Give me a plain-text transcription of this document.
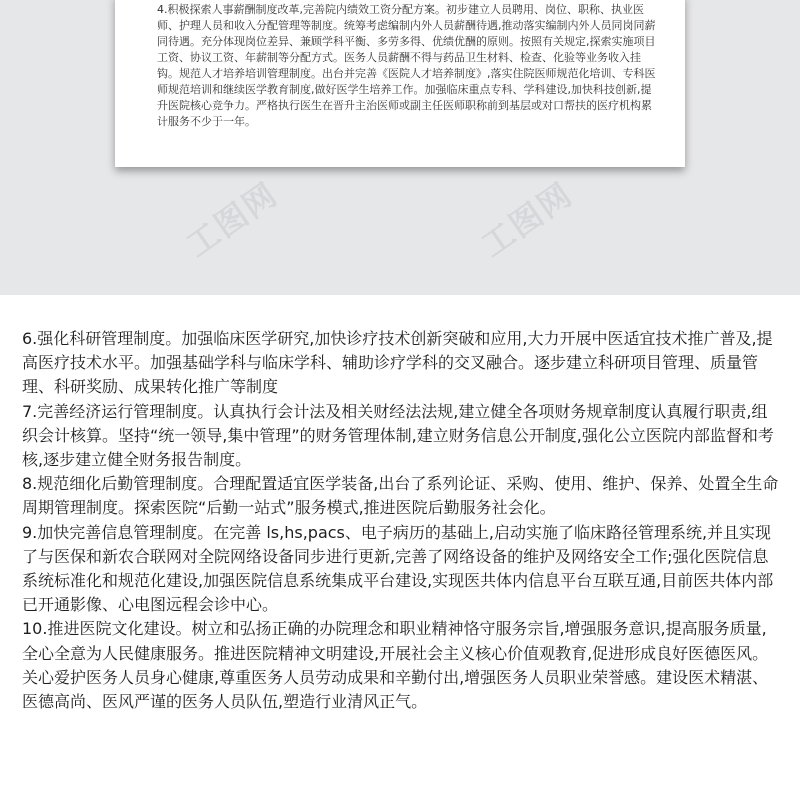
4.积极探索人事薪酬制度改革,完善院内绩效工资分配方案。初步建立人员聘用、岗位、职称、执业医师、护理人员和收入分配管理等制度。统筹考虑编制内外人员薪酬待遇,推动落实编制内外人员同岗同薪同待遇。充分体现岗位差异、兼顾学科平衡、多劳多得、优绩优酬的原则。按照有关规定,探索实施项目工资、协议工资、年薪制等分配方式。医务人员薪酬不得与药品卫生材料、检查、化验等业务收入挂钩。规范人才培养培训管理制度。出台并完善《医院人才培养制度》,落实住院医师规范化培训、专科医师规范培训和继续医学教育制度,做好医学生培养工作。加强临床重点专科、学科建设,加快科技创新,提升医院核心竞争力。严格执行医生在晋升主治医师或副主任医师职称前到基层或对口帮扶的医疗机构累计服务不少于一年。

工图网	工图网

6.强化科研管理制度。加强临床医学研究,加快诊疗技术创新突破和应用,大力开展中医适宜技术推广普及,提高医疗技术水平。加强基础学科与临床学科、辅助诊疗学科的交叉融合。逐步建立科研项目管理、质量管理、科研奖励、成果转化推广等制度

7.完善经济运行管理制度。认真执行会计法及相关财经法法规,建立健全各项财务规章制度认真履行职责,组织会计核算。坚持“统一领导,集中管理”的财务管理体制,建立财务信息公开制度,强化公立医院内部监督和考核,逐步建立健全财务报告制度。

8.规范细化后勤管理制度。合理配置适宜医学装备,出台了系列论证、采购、使用、维护、保养、处置全生命周期管理制度。探索医院“后勤一站式”服务模式,推进医院后勤服务社会化。

9.加快完善信息管理制度。在完善 ls,hs,pacs、电子病历的基础上,启动实施了临床路径管理系统,并且实现了与医保和新农合联网对全院网络设备同步进行更新,完善了网络设备的维护及网络安全工作;强化医院信息系统标准化和规范化建设,加强医院信息系统集成平台建设,实现医共体内信息平台互联互通,目前医共体内部已开通影像、心电图远程会诊中心。

10.推进医院文化建设。树立和弘扬正确的办院理念和职业精神恪守服务宗旨,增强服务意识,提高服务质量,全心全意为人民健康服务。推进医院精神文明建设,开展社会主义核心价值观教育,促进形成良好医德医风。关心爱护医务人员身心健康,尊重医务人员劳动成果和辛勤付出,增强医务人员职业荣誉感。建设医术精湛、医德高尚、医风严谨的医务人员队伍,塑造行业清风正气。
